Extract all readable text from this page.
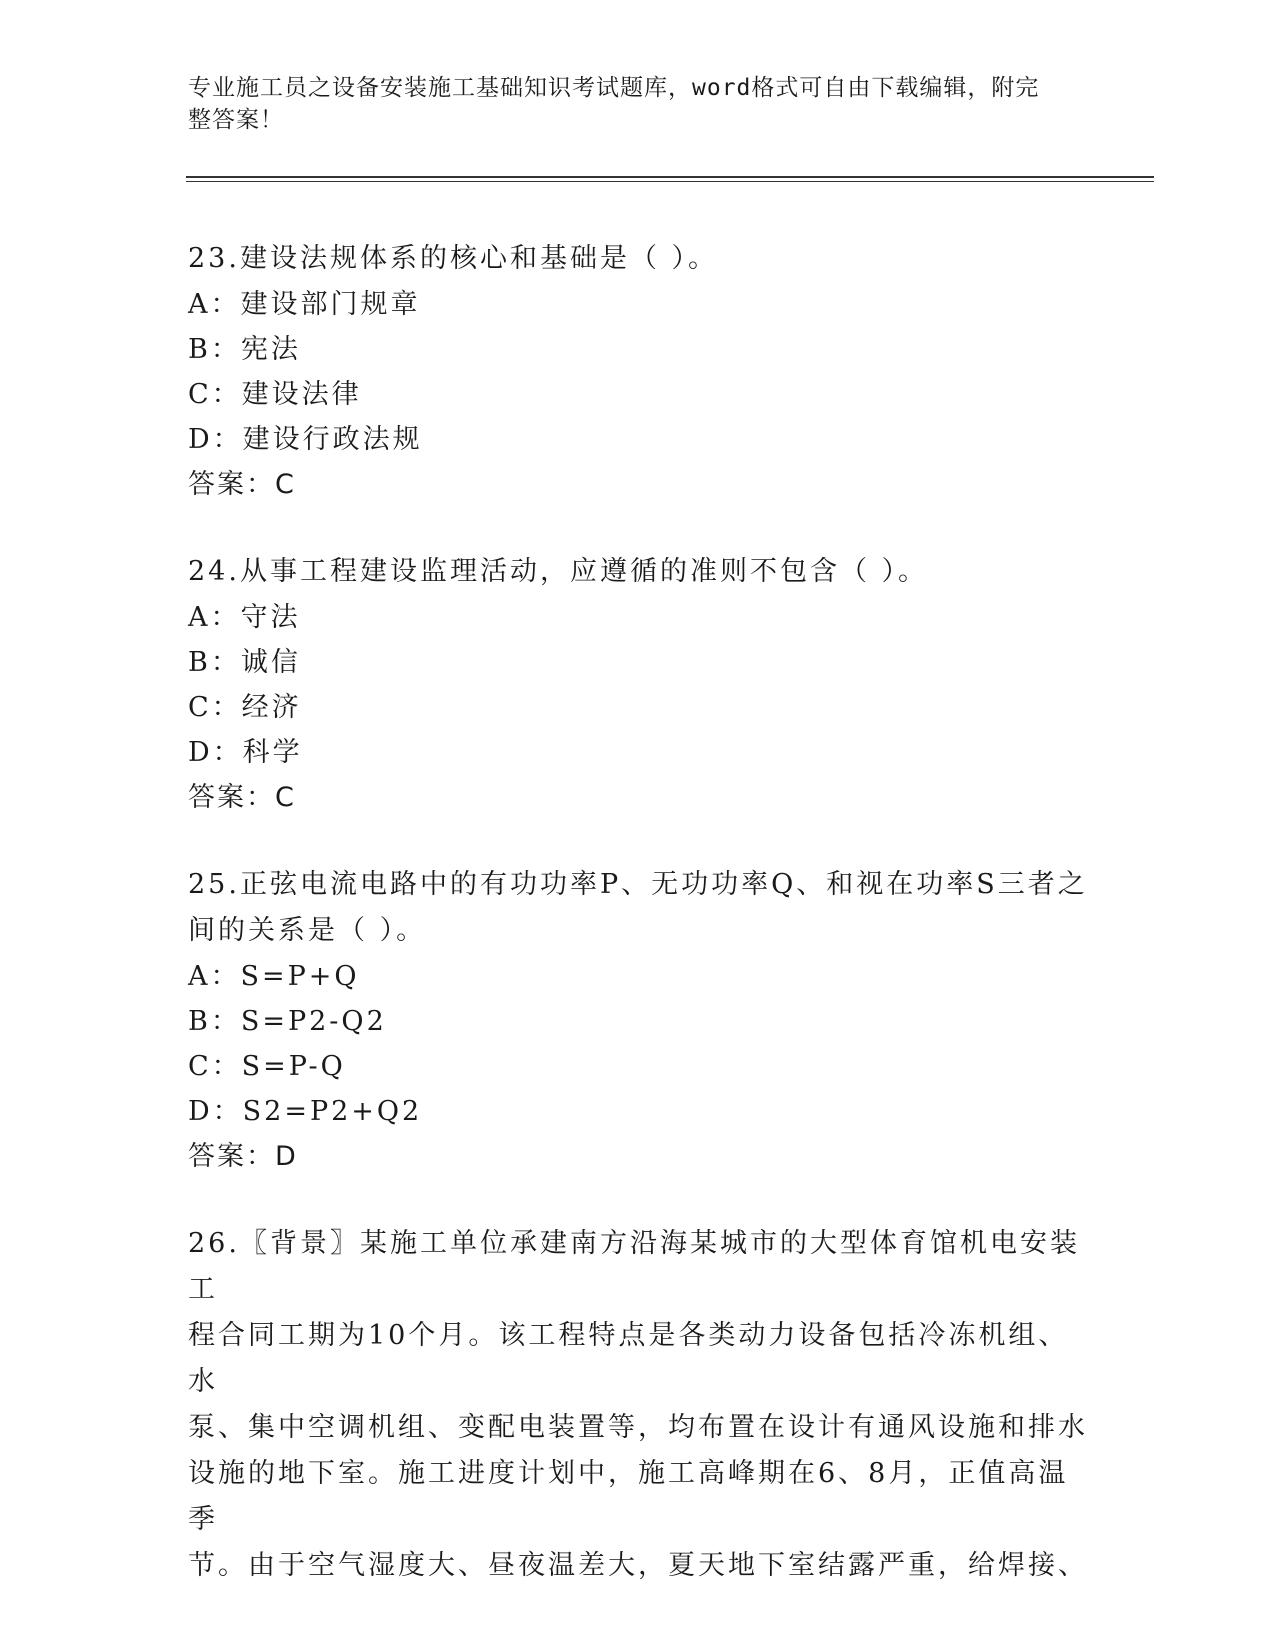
专业施工员之设备安装施工基础知识考试题库，word格式可自由下载编辑，附完
整答案！
23.建设法规体系的核心和基础是（ ）。
A：建设部门规章
B：宪法
C：建设法律
D：建设行政法规
答案：C
24.从事工程建设监理活动，应遵循的准则不包含（ ）。
A：守法
B：诚信
C：经济
D：科学
答案：C
25.正弦电流电路中的有功功率P、无功功率Q、和视在功率S三者之
间的关系是（ ）。
A：S=P+Q
B：S=P2-Q2
C：S=P-Q
D：S2=P2+Q2
答案：D
26.〖背景〗某施工单位承建南方沿海某城市的大型体育馆机电安装工
程合同工期为10个月。该工程特点是各类动力设备包括冷冻机组、水
泵、集中空调机组、变配电装置等，均布置在设计有通风设施和排水
设施的地下室。施工进度计划中，施工高峰期在6、8月，正值高温季
节。由于空气湿度大、昼夜温差大，夏天地下室结露严重，给焊接、
